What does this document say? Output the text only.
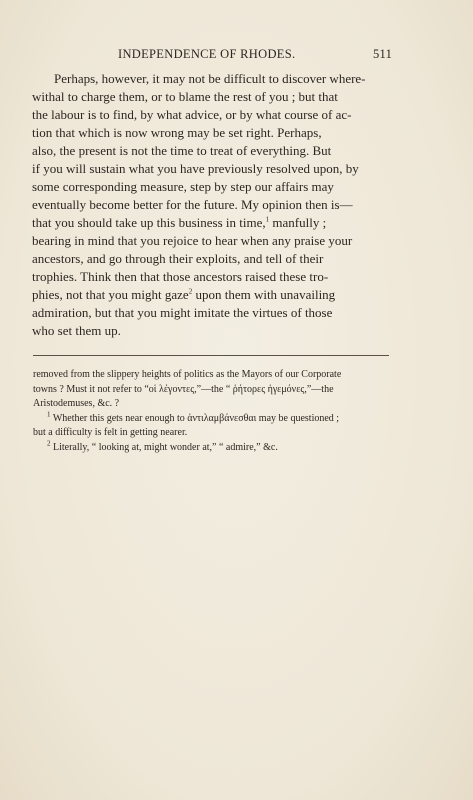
INDEPENDENCE OF RHODES.	511
Perhaps, however, it may not be difficult to discover where-
withal to charge them, or to blame the rest of you ; but that
the labour is to find, by what advice, or by what course of ac-
tion that which is now wrong may be set right. Perhaps,
also, the present is not the time to treat of everything. But
if you will sustain what you have previously resolved upon, by
some corresponding measure, step by step our affairs may
eventually become better for the future. My opinion then is—
that you should take up this business in time,$^1$ manfully ;
bearing in mind that you rejoice to hear when any praise your
ancestors, and go through their exploits, and tell of their
trophies. Think then that those ancestors raised these tro-
phies, not that you might gaze$^2$ upon them with unavailing
admiration, but that you might imitate the virtues of those
who set them up.
removed from the slippery heights of politics as the Mayors of our Corporate
towns ? Must it not refer to “οἱ λέγοντες,”—the “ ῥήτορες ἡγεμόνες,”—the
Aristodemuses, &c. ?
$^1$ Whether this gets near enough to ἀντιλαμβάνεσθαι may be questioned ;
but a difficulty is felt in getting nearer.
$^2$ Literally, “ looking at, might wonder at,” “ admire,” &c.
